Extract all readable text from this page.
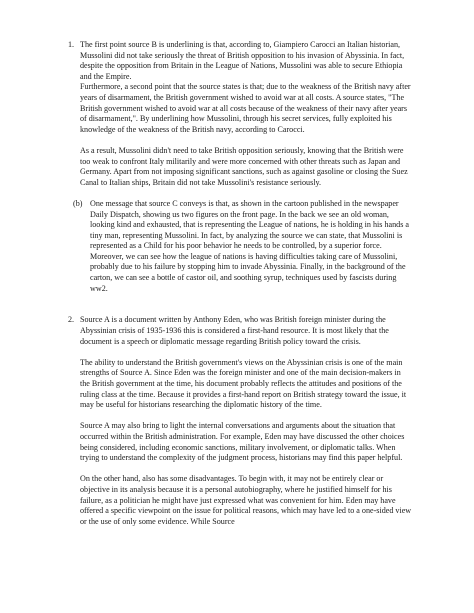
1. The first point source B is underlining is that, according to, Giampiero Carocci an Italian historian, Mussolini did not take seriously the threat of British opposition to his invasion of Abyssinia. In fact, despite the opposition from Britain in the League of Nations, Mussolini was able to secure Ethiopia and the Empire.

Furthermore, a second point that the source states is that; due to the weakness of the British navy after years of disarmament, the British government wished to avoid war at all costs. A source states, "The British government wished to avoid war at all costs because of the weakness of their navy after years of disarmament,". By underlining how Mussolini, through his secret services, fully exploited his knowledge of the weakness of the British navy, according to Carocci.

As a result, Mussolini didn't need to take British opposition seriously, knowing that the British were too weak to confront Italy militarily and were more concerned with other threats such as Japan and Germany. Apart from not imposing significant sanctions, such as against gasoline or closing the Suez Canal to Italian ships, Britain did not take Mussolini's resistance seriously.

(b) One message that source C conveys is that, as shown in the cartoon published in the newspaper Daily Dispatch, showing us two figures on the front page. In the back we see an old woman, looking kind and exhausted, that is representing the League of nations, he is holding in his hands a tiny man, representing Mussolini. In fact, by analyzing the source we can state, that Mussolini is represented as a Child for his poor behavior he needs to be controlled, by a superior force. Moreover, we can see how the league of nations is having difficulties taking care of Mussolini, probably due to his failure by stopping him to invade Abyssinia. Finally, in the background of the carton, we can see a bottle of castor oil, and soothing syrup, techniques used by fascists during ww2.

2. Source A is a document written by Anthony Eden, who was British foreign minister during the Abyssinian crisis of 1935-1936 this is considered a first-hand resource. It is most likely that the document is a speech or diplomatic message regarding British policy toward the crisis.

The ability to understand the British government's views on the Abyssinian crisis is one of the main strengths of Source A. Since Eden was the foreign minister and one of the main decision-makers in the British government at the time, his document probably reflects the attitudes and positions of the ruling class at the time. Because it provides a first-hand report on British strategy toward the issue, it may be useful for historians researching the diplomatic history of the time.

Source A may also bring to light the internal conversations and arguments about the situation that occurred within the British administration. For example, Eden may have discussed the other choices being considered, including economic sanctions, military involvement, or diplomatic talks. When trying to understand the complexity of the judgment process, historians may find this paper helpful.

On the other hand, also has some disadvantages. To begin with, it may not be entirely clear or objective in its analysis because it is a personal autobiography, where he justified himself for his failure, as a politician he might have just expressed what was convenient for him. Eden may have offered a specific viewpoint on the issue for political reasons, which may have led to a one-sided view or the use of only some evidence. While Source
